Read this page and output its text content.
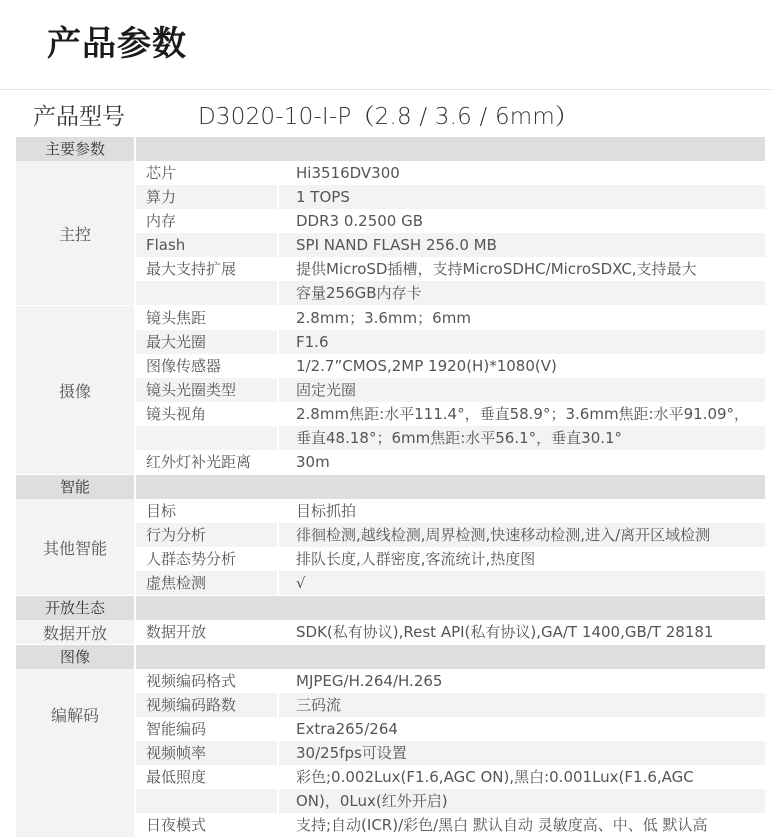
产品参数
产品型号	D3020-10-I-P（2.8 / 3.6 / 6mm）
主要参数
主控
芯片	Hi3516DV300
算力	1 TOPS
内存	DDR3 0.2500 GB
Flash	SPI NAND FLASH 256.0 MB
最大支持扩展	提供MicroSD插槽，支持MicroSDHC/MicroSDXC,支持最大
容量256GB内存卡
摄像
镜头焦距	2.8mm；3.6mm；6mm
最大光圈	F1.6
图像传感器	1/2.7”CMOS,2MP 1920(H)*1080(V)
镜头光圈类型	固定光圈
镜头视角	2.8mm焦距:水平111.4°，垂直58.9°；3.6mm焦距:水平91.09°，
垂直48.18°；6mm焦距:水平56.1°，垂直30.1°
红外灯补光距离	30m
智能
其他智能
目标	目标抓拍
行为分析	徘徊检测,越线检测,周界检测,快速移动检测,进入/离开区域检测
人群态势分析	排队长度,人群密度,客流统计,热度图
虚焦检测	√
开放生态
数据开放	数据开放	SDK(私有协议),Rest API(私有协议),GA/T 1400,GB/T 28181
图像
编解码
视频编码格式	MJPEG/H.264/H.265
视频编码路数	三码流
智能编码	Extra265/264
视频帧率	30/25fps可设置
最低照度	彩色;0.002Lux(F1.6,AGC ON),黑白:0.001Lux(F1.6,AGC
ON)，0Lux(红外开启)
日夜模式	支持;自动(ICR)/彩色/黑白 默认自动 灵敏度高、中、低 默认高
